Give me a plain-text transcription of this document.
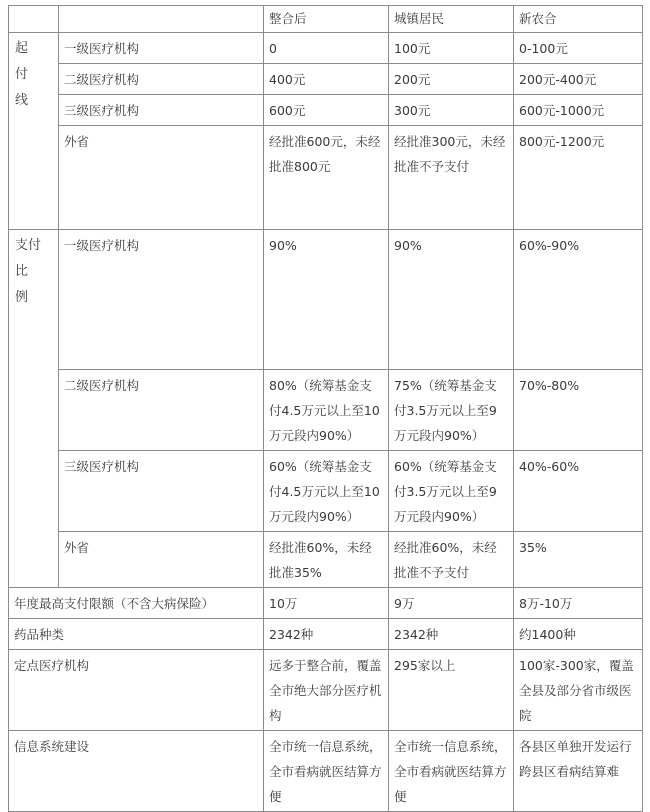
		整合后	城镇居民	新农合

起
付
线	一级医疗机构	0	100元	0-100元
	二级医疗机构	400元	200元	200元-400元
	三级医疗机构	600元	300元	600元-1000元
	外省	经批准600元，未经批准800元	经批准300元，未经批准不予支付	800元-1200元

支付比
例	一级医疗机构	90%	90%	60%-90%
	二级医疗机构	80%（统筹基金支付4.5万元以上至10万元段内90%）	75%（统筹基金支付3.5万元以上至9万元段内90%）	70%-80%
	三级医疗机构	60%（统筹基金支付4.5万元以上至10万元段内90%）	60%（统筹基金支付3.5万元以上至9万元段内90%）	40%-60%
	外省	经批准60%，未经批准35%	经批准60%，未经批准不予支付	35%
年度最高支付限额（不含大病保险）		10万	9万	8万-10万
药品种类		2342种	2342种	约1400种
定点医疗机构		远多于整合前，覆盖全市绝大部分医疗机构	295家以上	100家-300家，覆盖全县及部分省市级医院
信息系统建设		全市统一信息系统，全市看病就医结算方便	全市统一信息系统，全市看病就医结算方便	各县区单独开发运行跨县区看病结算难
